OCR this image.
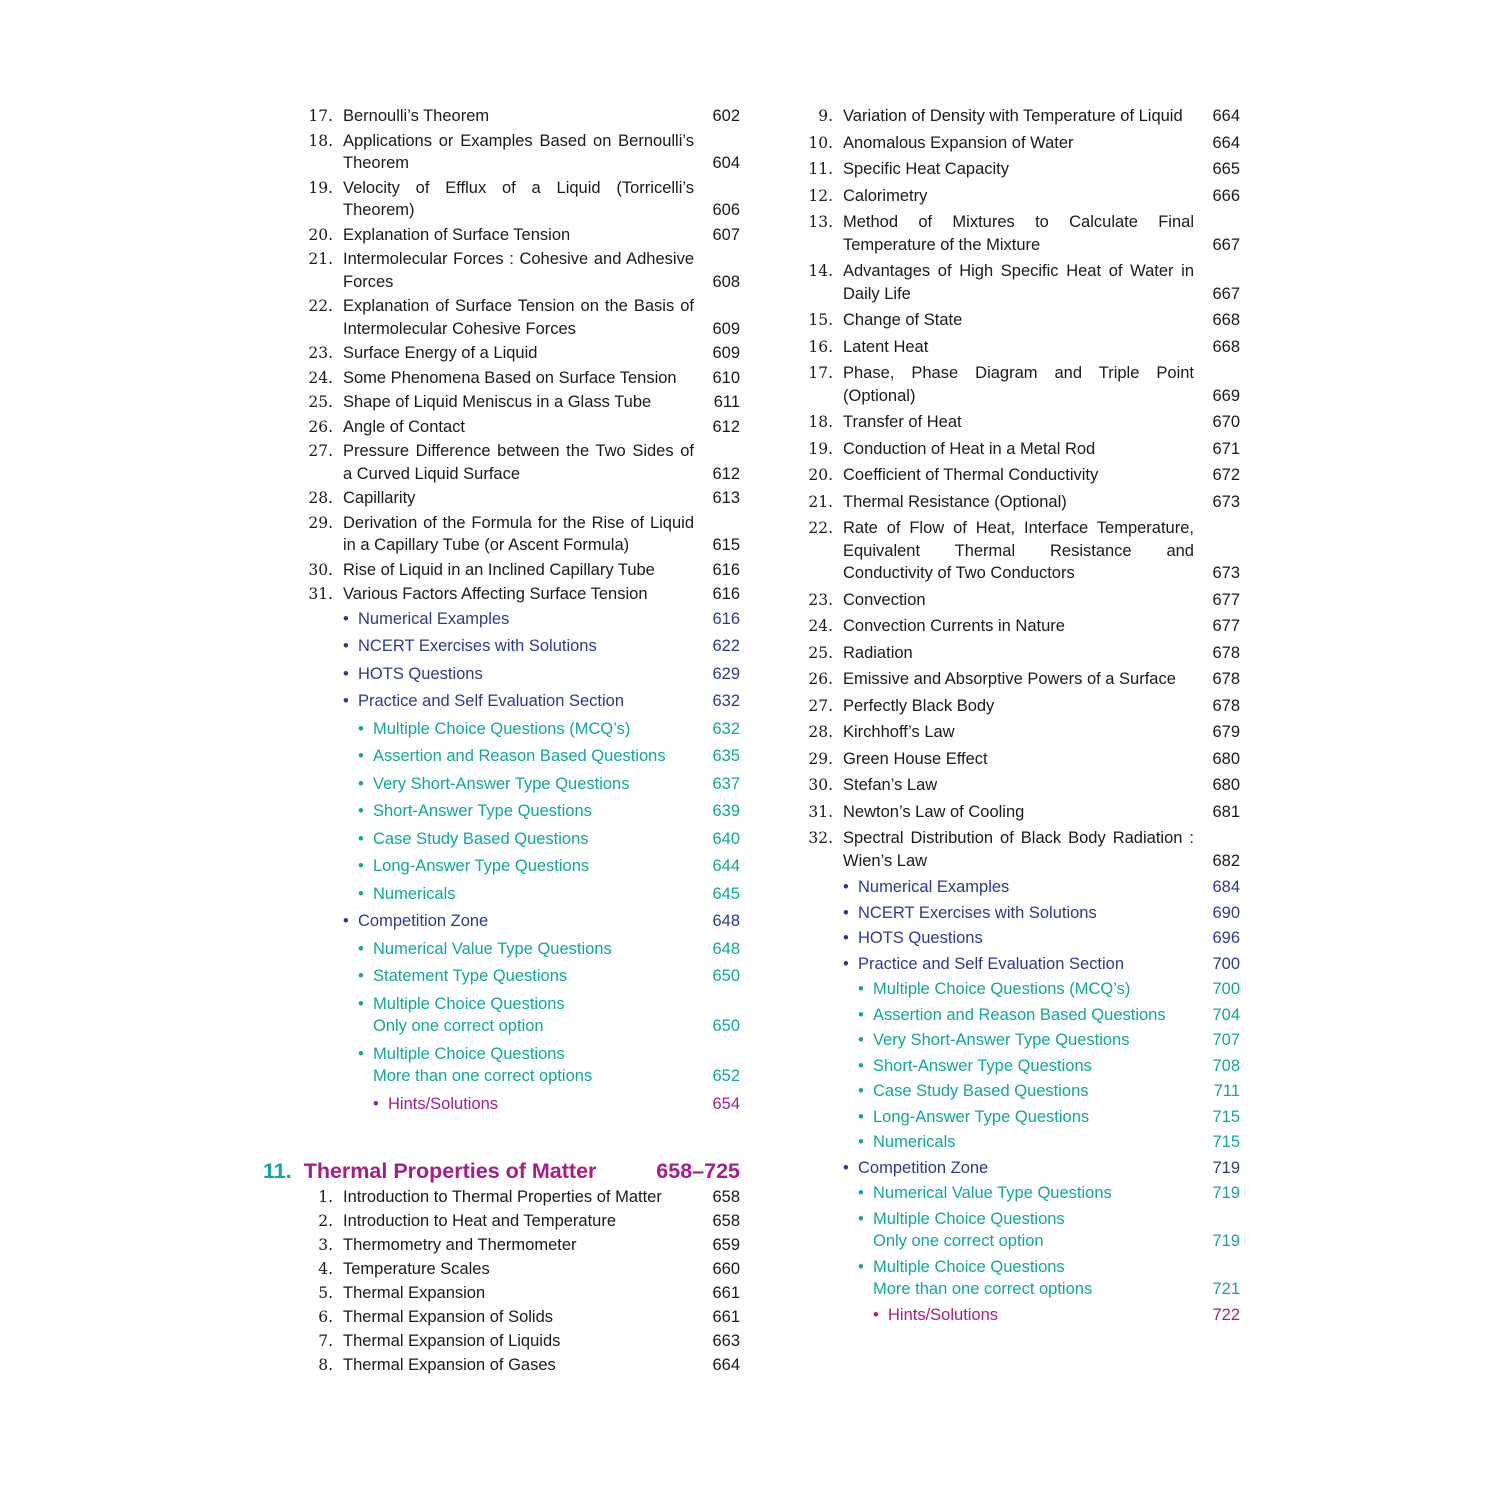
17. Bernoulli’s Theorem	602
18. Applications or Examples Based on Bernoulli’s Theorem	604
19. Velocity of Efflux of a Liquid (Torricelli’s Theorem)	606
20. Explanation of Surface Tension	607
21. Intermolecular Forces : Cohesive and Adhesive Forces	608
22. Explanation of Surface Tension on the Basis of Intermolecular Cohesive Forces	609
23. Surface Energy of a Liquid	609
24. Some Phenomena Based on Surface Tension	610
25. Shape of Liquid Meniscus in a Glass Tube	611
26. Angle of Contact	612
27. Pressure Difference between the Two Sides of a Curved Liquid Surface	612
28. Capillarity	613
29. Derivation of the Formula for the Rise of Liquid in a Capillary Tube (or Ascent Formula)	615
30. Rise of Liquid in an Inclined Capillary Tube	616
31. Various Factors Affecting Surface Tension	616
• Numerical Examples	616
• NCERT Exercises with Solutions	622
• HOTS Questions	629
• Practice and Self Evaluation Section	632
• Multiple Choice Questions (MCQ’s)	632
• Assertion and Reason Based Questions	635
• Very Short-Answer Type Questions	637
• Short-Answer Type Questions	639
• Case Study Based Questions	640
• Long-Answer Type Questions	644
• Numericals	645
• Competition Zone	648
• Numerical Value Type Questions	648
• Statement Type Questions	650
• Multiple Choice Questions
Only one correct option	650
• Multiple Choice Questions
More than one correct options	652
• Hints/Solutions	654
11. Thermal Properties of Matter	658–725
1. Introduction to Thermal Properties of Matter	658
2. Introduction to Heat and Temperature	658
3. Thermometry and Thermometer	659
4. Temperature Scales	660
5. Thermal Expansion	661
6. Thermal Expansion of Solids	661
7. Thermal Expansion of Liquids	663
8. Thermal Expansion of Gases	664
9. Variation of Density with Temperature of Liquid	664
10. Anomalous Expansion of Water	664
11. Specific Heat Capacity	665
12. Calorimetry	666
13. Method of Mixtures to Calculate Final Temperature of the Mixture	667
14. Advantages of High Specific Heat of Water in Daily Life	667
15. Change of State	668
16. Latent Heat	668
17. Phase, Phase Diagram and Triple Point (Optional)	669
18. Transfer of Heat	670
19. Conduction of Heat in a Metal Rod	671
20. Coefficient of Thermal Conductivity	672
21. Thermal Resistance (Optional)	673
22. Rate of Flow of Heat, Interface Temperature, Equivalent Thermal Resistance and Conductivity of Two Conductors	673
23. Convection	677
24. Convection Currents in Nature	677
25. Radiation	678
26. Emissive and Absorptive Powers of a Surface	678
27. Perfectly Black Body	678
28. Kirchhoff’s Law	679
29. Green House Effect	680
30. Stefan’s Law	680
31. Newton’s Law of Cooling	681
32. Spectral Distribution of Black Body Radiation : Wien’s Law	682
• Numerical Examples	684
• NCERT Exercises with Solutions	690
• HOTS Questions	696
• Practice and Self Evaluation Section	700
• Multiple Choice Questions (MCQ’s)	700
• Assertion and Reason Based Questions	704
• Very Short-Answer Type Questions	707
• Short-Answer Type Questions	708
• Case Study Based Questions	711
• Long-Answer Type Questions	715
• Numericals	715
• Competition Zone	719
• Numerical Value Type Questions	719
• Multiple Choice Questions
Only one correct option	719
• Multiple Choice Questions
More than one correct options	721
• Hints/Solutions	722
